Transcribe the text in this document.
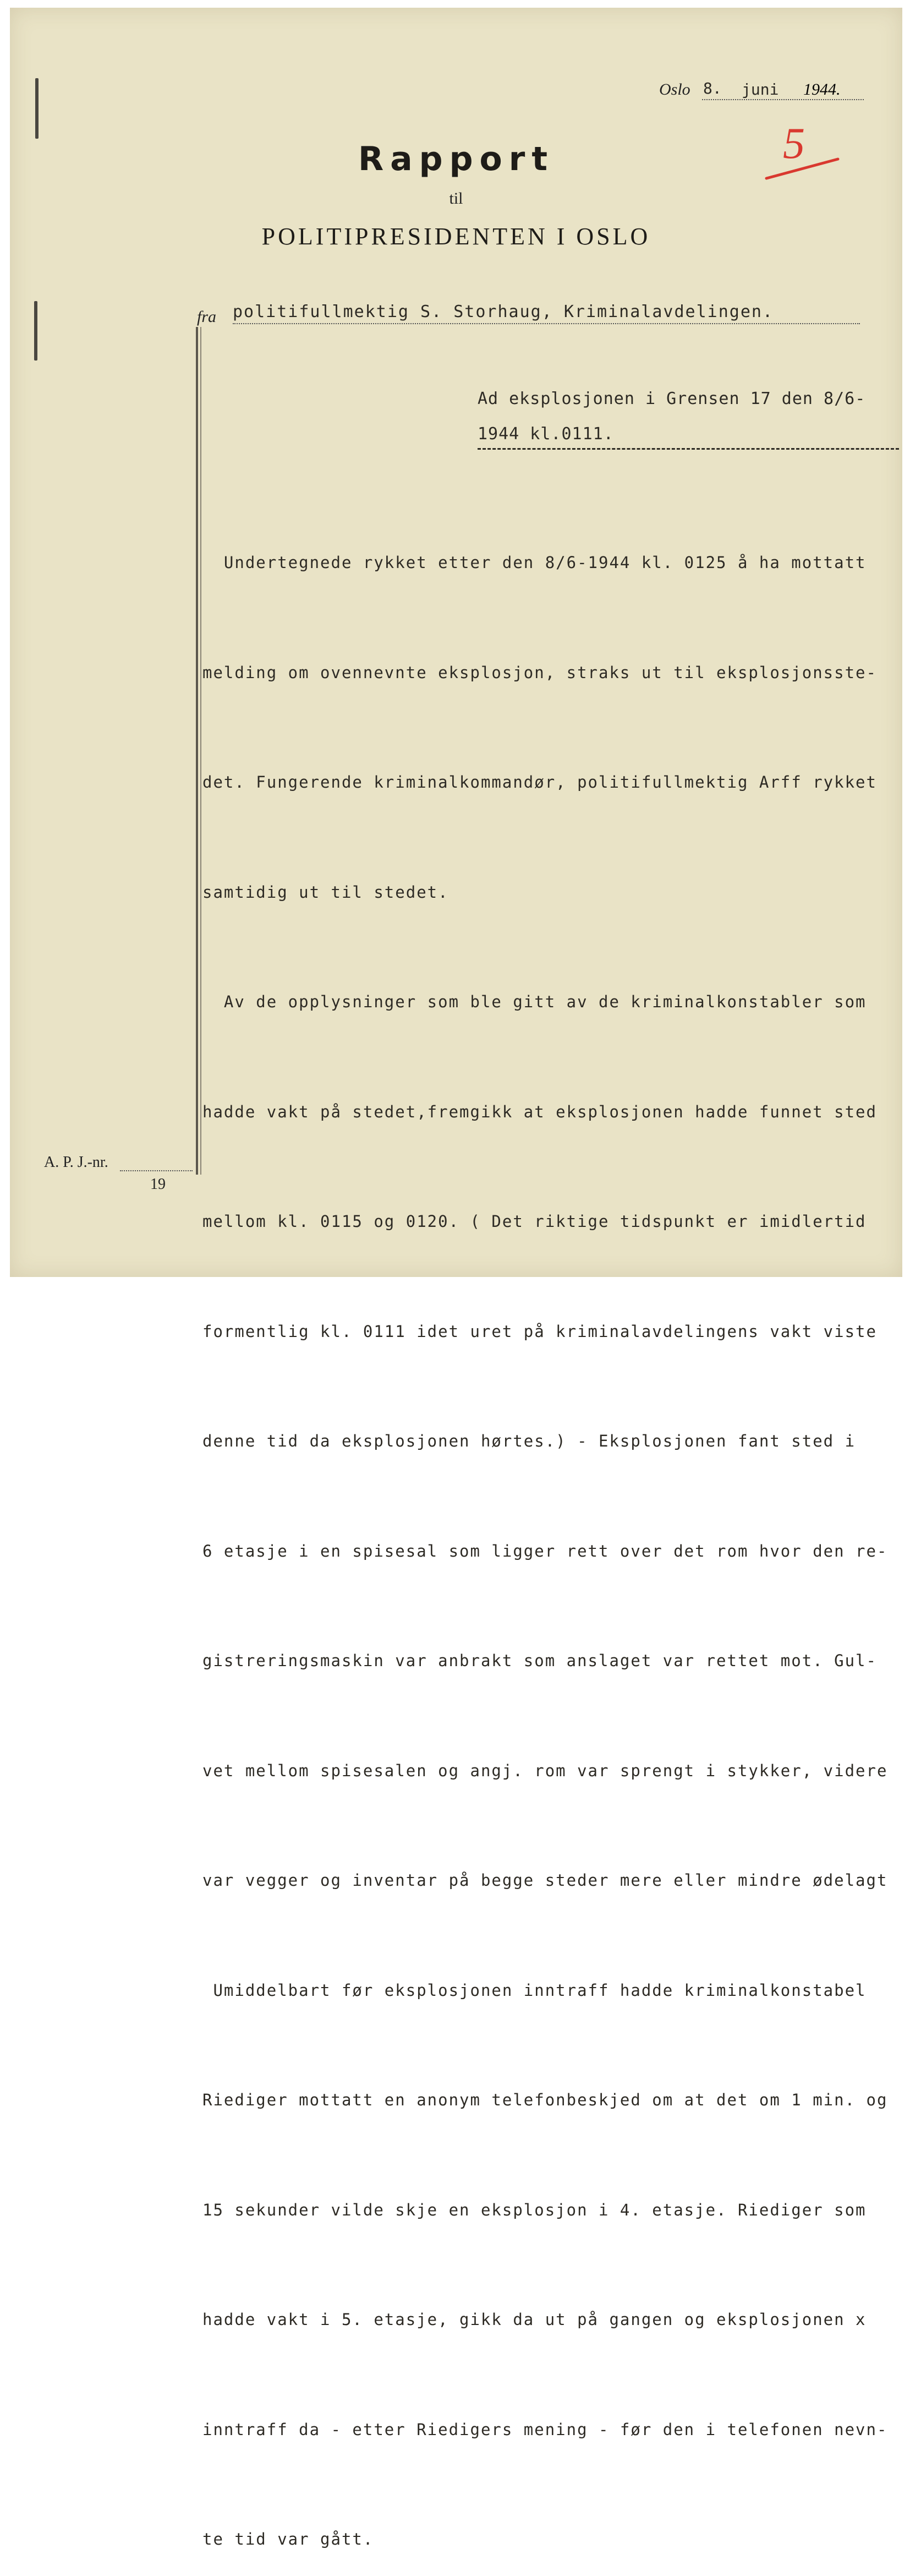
Oslo 8. juni 1944.
5
Rapport
til
POLITIPRESIDENTEN I OSLO
fra politifullmektig S. Storhaug, Kriminalavdelingen.
Ad eksplosjonen i Grensen 17 den 8/6-
1944 kl.0111.

Undertegnede rykket etter den 8/6-1944 kl. 0125 å ha mottatt

melding om ovennevnte eksplosjon, straks ut til eksplosjonsste-

det. Fungerende kriminalkommandør, politifullmektig Arff rykket

samtidig ut til stedet.

Av de opplysninger som ble gitt av de kriminalkonstabler som

hadde vakt på stedet,fremgikk at eksplosjonen hadde funnet sted

mellom kl. 0115 og 0120. ( Det riktige tidspunkt er imidlertid

formentlig kl. 0111 idet uret på kriminalavdelingens vakt viste

denne tid da eksplosjonen hørtes.) - Eksplosjonen fant sted i

6 etasje i en spisesal som ligger rett over det rom hvor den re-

gistreringsmaskin var anbrakt som anslaget var rettet mot. Gul-

vet mellom spisesalen og angj. rom var sprengt i stykker, videre

var vegger og inventar på begge steder mere eller mindre ødelagt

Umiddelbart før eksplosjonen inntraff hadde kriminalkonstabel

Riediger mottatt en anonym telefonbeskjed om at det om 1 min. og

15 sekunder vilde skje en eksplosjon i 4. etasje. Riediger som

hadde vakt i 5. etasje, gikk da ut på gangen og eksplosjonen x

inntraff da - etter Riedigers mening - før den i telefonen nevn-

te tid var gått.

A. P. J.-nr.
19
